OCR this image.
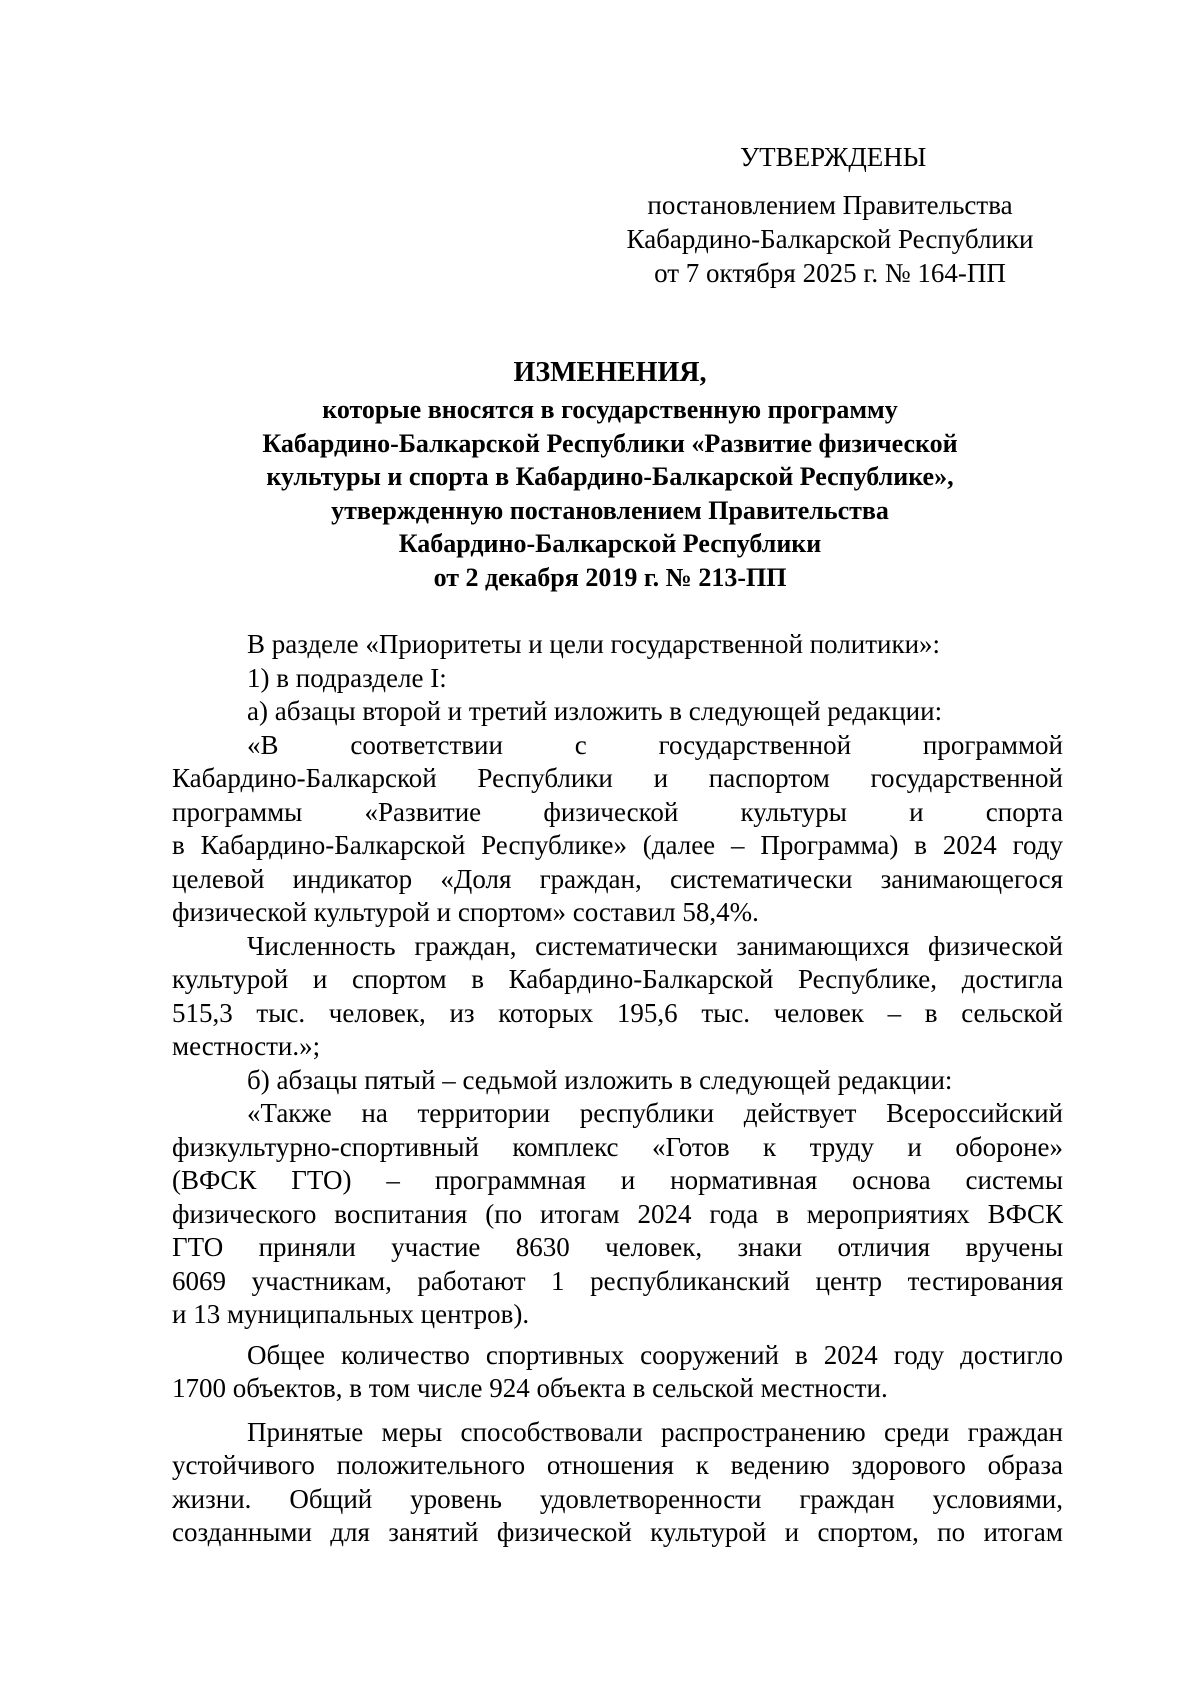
УТВЕРЖДЕНЫ
постановлением Правительства
Кабардино-Балкарской Республики
от 7 октября 2025 г. № 164-ПП
ИЗМЕНЕНИЯ,
которые вносятся в государственную программу
Кабардино-Балкарской Республики «Развитие физической
культуры и спорта в Кабардино-Балкарской Республике»,
утвержденную постановлением Правительства
Кабардино-Балкарской Республики
от 2 декабря 2019 г. № 213-ПП

В разделе «Приоритеты и цели государственной политики»:

1) в подразделе I:

а) абзацы второй и третий изложить в следующей редакции:

«В соответствии с государственной программой

Кабардино-Балкарской Республики и паспортом государственной

программы «Развитие физической культуры и спорта

в Кабардино-Балкарской Республике» (далее – Программа) в 2024 году

целевой индикатор «Доля граждан, систематически занимающегося

физической культурой и спортом» составил 58,4%.

Численность граждан, систематически занимающихся физической

культурой и спортом в Кабардино-Балкарской Республике, достигла

515,3 тыс. человек, из которых 195,6 тыс. человек – в сельской

местности.»;

б) абзацы пятый – седьмой изложить в следующей редакции:

«Также на территории республики действует Всероссийский

физкультурно-спортивный комплекс «Готов к труду и обороне»

(ВФСК ГТО) – программная и нормативная основа системы

физического воспитания (по итогам 2024 года в мероприятиях ВФСК

ГТО приняли участие 8630 человек, знаки отличия вручены

6069 участникам, работают 1 республиканский центр тестирования

и 13 муниципальных центров).

Общее количество спортивных сооружений в 2024 году достигло

1700 объектов, в том числе 924 объекта в сельской местности.

Принятые меры способствовали распространению среди граждан

устойчивого положительного отношения к ведению здорового образа

жизни. Общий уровень удовлетворенности граждан условиями,

созданными для занятий физической культурой и спортом, по итогам
